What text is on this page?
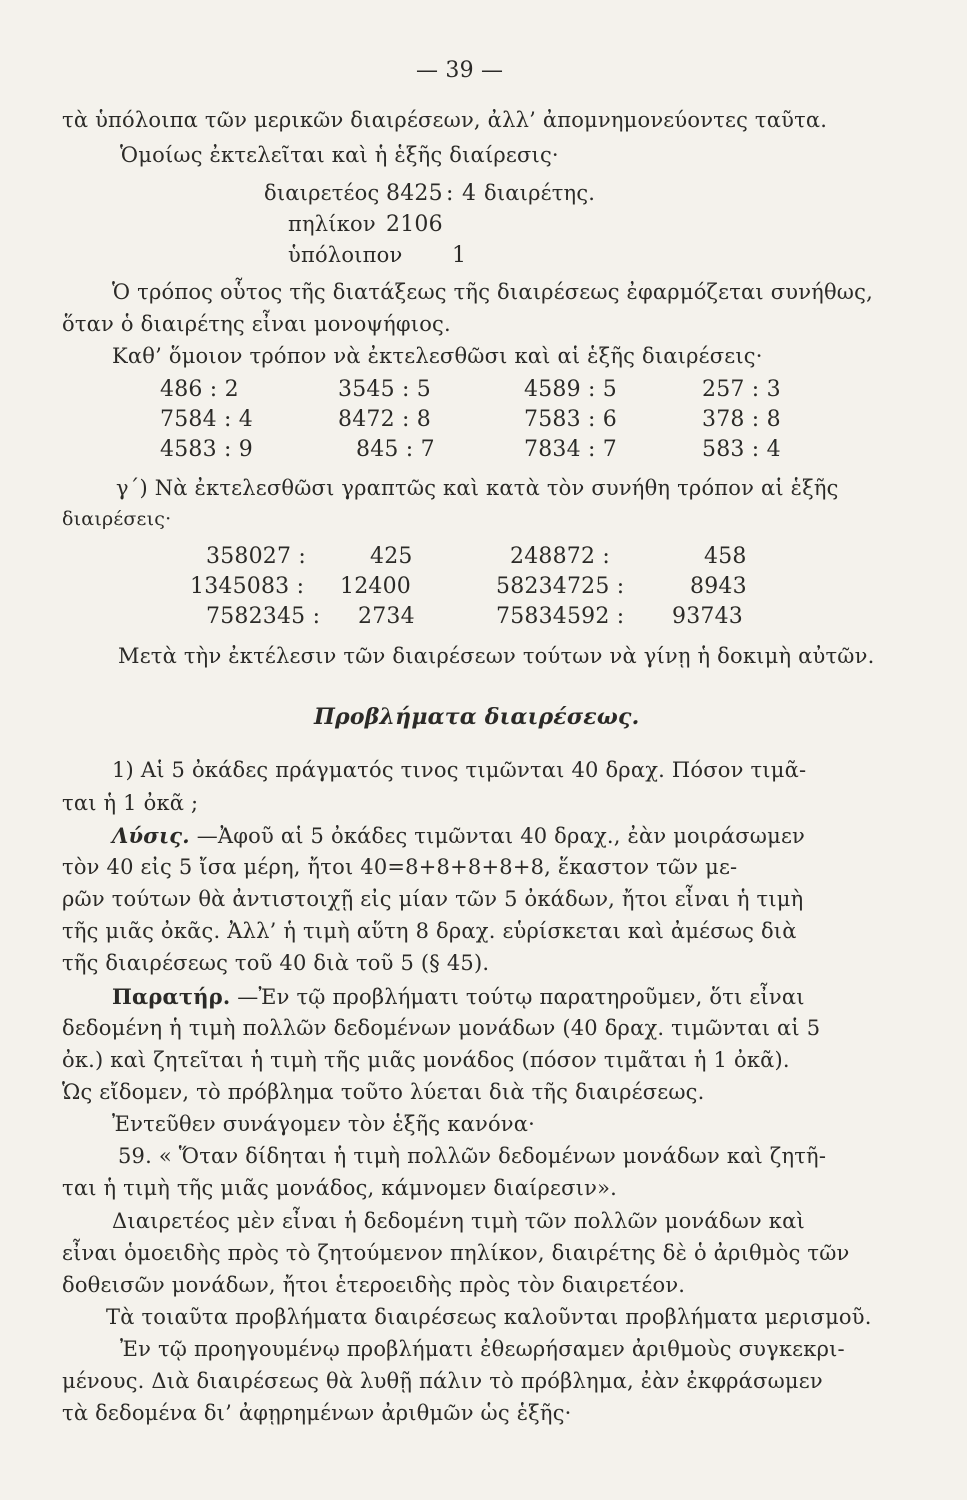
— 39 —
τὰ ὑπόλοιπα τῶν μερικῶν διαιρέσεων, ἀλλ’ ἀπομνημονεύοντες ταῦτα.
Ὁμοίως ἐκτελεῖται καὶ ἡ ἑξῆς διαίρεσις·
διαιρετέος 8425 : 4 διαιρέτης.
πηλίκον 2106
ὑπόλοιπον 1
Ὁ τρόπος οὗτος τῆς διατάξεως τῆς διαιρέσεως ἐφαρμόζεται συνήθως,
ὅταν ὁ διαιρέτης εἶναι μονοψήφιος.
Καθ’ ὅμοιον τρόπον νὰ ἐκτελεσθῶσι καὶ αἱ ἑξῆς διαιρέσεις·
486 : 2	3545 : 5	4589 : 5	257 : 3
7584 : 4	8472 : 8	7583 : 6	378 : 8
4583 : 9	845 : 7	7834 : 7	583 : 4
γ΄) Νὰ ἐκτελεσθῶσι γραπτῶς καὶ κατὰ τὸν συνήθη τρόπον αἱ ἑξῆς
διαιρέσεις·
358027 :	425	248872 :	458
1345083 : 12400	58234725 :	8943
7582345 : 2734	75834592 : 93743
Μετὰ τὴν ἐκτέλεσιν τῶν διαιρέσεων τούτων νὰ γίνῃ ἡ δοκιμὴ αὐτῶν.
Προβλήματα διαιρέσεως.
1) Αἱ 5 ὀκάδες πράγματός τινος τιμῶνται 40 δραχ. Πόσον τιμᾶ-
ται ἡ 1 ὀκᾶ ;
Λύσις. —Ἀφοῦ αἱ 5 ὀκάδες τιμῶνται 40 δραχ., ἐὰν μοιράσωμεν
τὸν 40 εἰς 5 ἴσα μέρη, ἤτοι 40=8+8+8+8+8, ἕκαστον τῶν με-
ρῶν τούτων θὰ ἀντιστοιχῇ εἰς μίαν τῶν 5 ὀκάδων, ἤτοι εἶναι ἡ τιμὴ
τῆς μιᾶς ὀκᾶς. Ἀλλ’ ἡ τιμὴ αὕτη 8 δραχ. εὑρίσκεται καὶ ἀμέσως διὰ
τῆς διαιρέσεως τοῦ 40 διὰ τοῦ 5 (§ 45).
Παρατήρ. —Ἐν τῷ προβλήματι τούτῳ παρατηροῦμεν, ὅτι εἶναι
δεδομένη ἡ τιμὴ πολλῶν δεδομένων μονάδων (40 δραχ. τιμῶνται αἱ 5
ὀκ.) καὶ ζητεῖται ἡ τιμὴ τῆς μιᾶς μονάδος (πόσον τιμᾶται ἡ 1 ὀκᾶ).
Ὡς εἴδομεν, τὸ πρόβλημα τοῦτο λύεται διὰ τῆς διαιρέσεως.
Ἐντεῦθεν συνάγομεν τὸν ἑξῆς κανόνα·
59. « Ὅταν δίδηται ἡ τιμὴ πολλῶν δεδομένων μονάδων καὶ ζητῆ-
ται ἡ τιμὴ τῆς μιᾶς μονάδος, κάμνομεν διαίρεσιν».
Διαιρετέος μὲν εἶναι ἡ δεδομένη τιμὴ τῶν πολλῶν μονάδων καὶ
εἶναι ὁμοειδὴς πρὸς τὸ ζητούμενον πηλίκον, διαιρέτης δὲ ὁ ἀριθμὸς τῶν
δοθεισῶν μονάδων, ἤτοι ἑτεροειδὴς πρὸς τὸν διαιρετέον.
Τὰ τοιαῦτα προβλήματα διαιρέσεως καλοῦνται προβλήματα μερισμοῦ.
Ἐν τῷ προηγουμένῳ προβλήματι ἐθεωρήσαμεν ἀριθμοὺς συγκεκρι-
μένους. Διὰ διαιρέσεως θὰ λυθῇ πάλιν τὸ πρόβλημα, ἐὰν ἐκφράσωμεν
τὰ δεδομένα δι’ ἀφῃρημένων ἀριθμῶν ὡς ἑξῆς·
